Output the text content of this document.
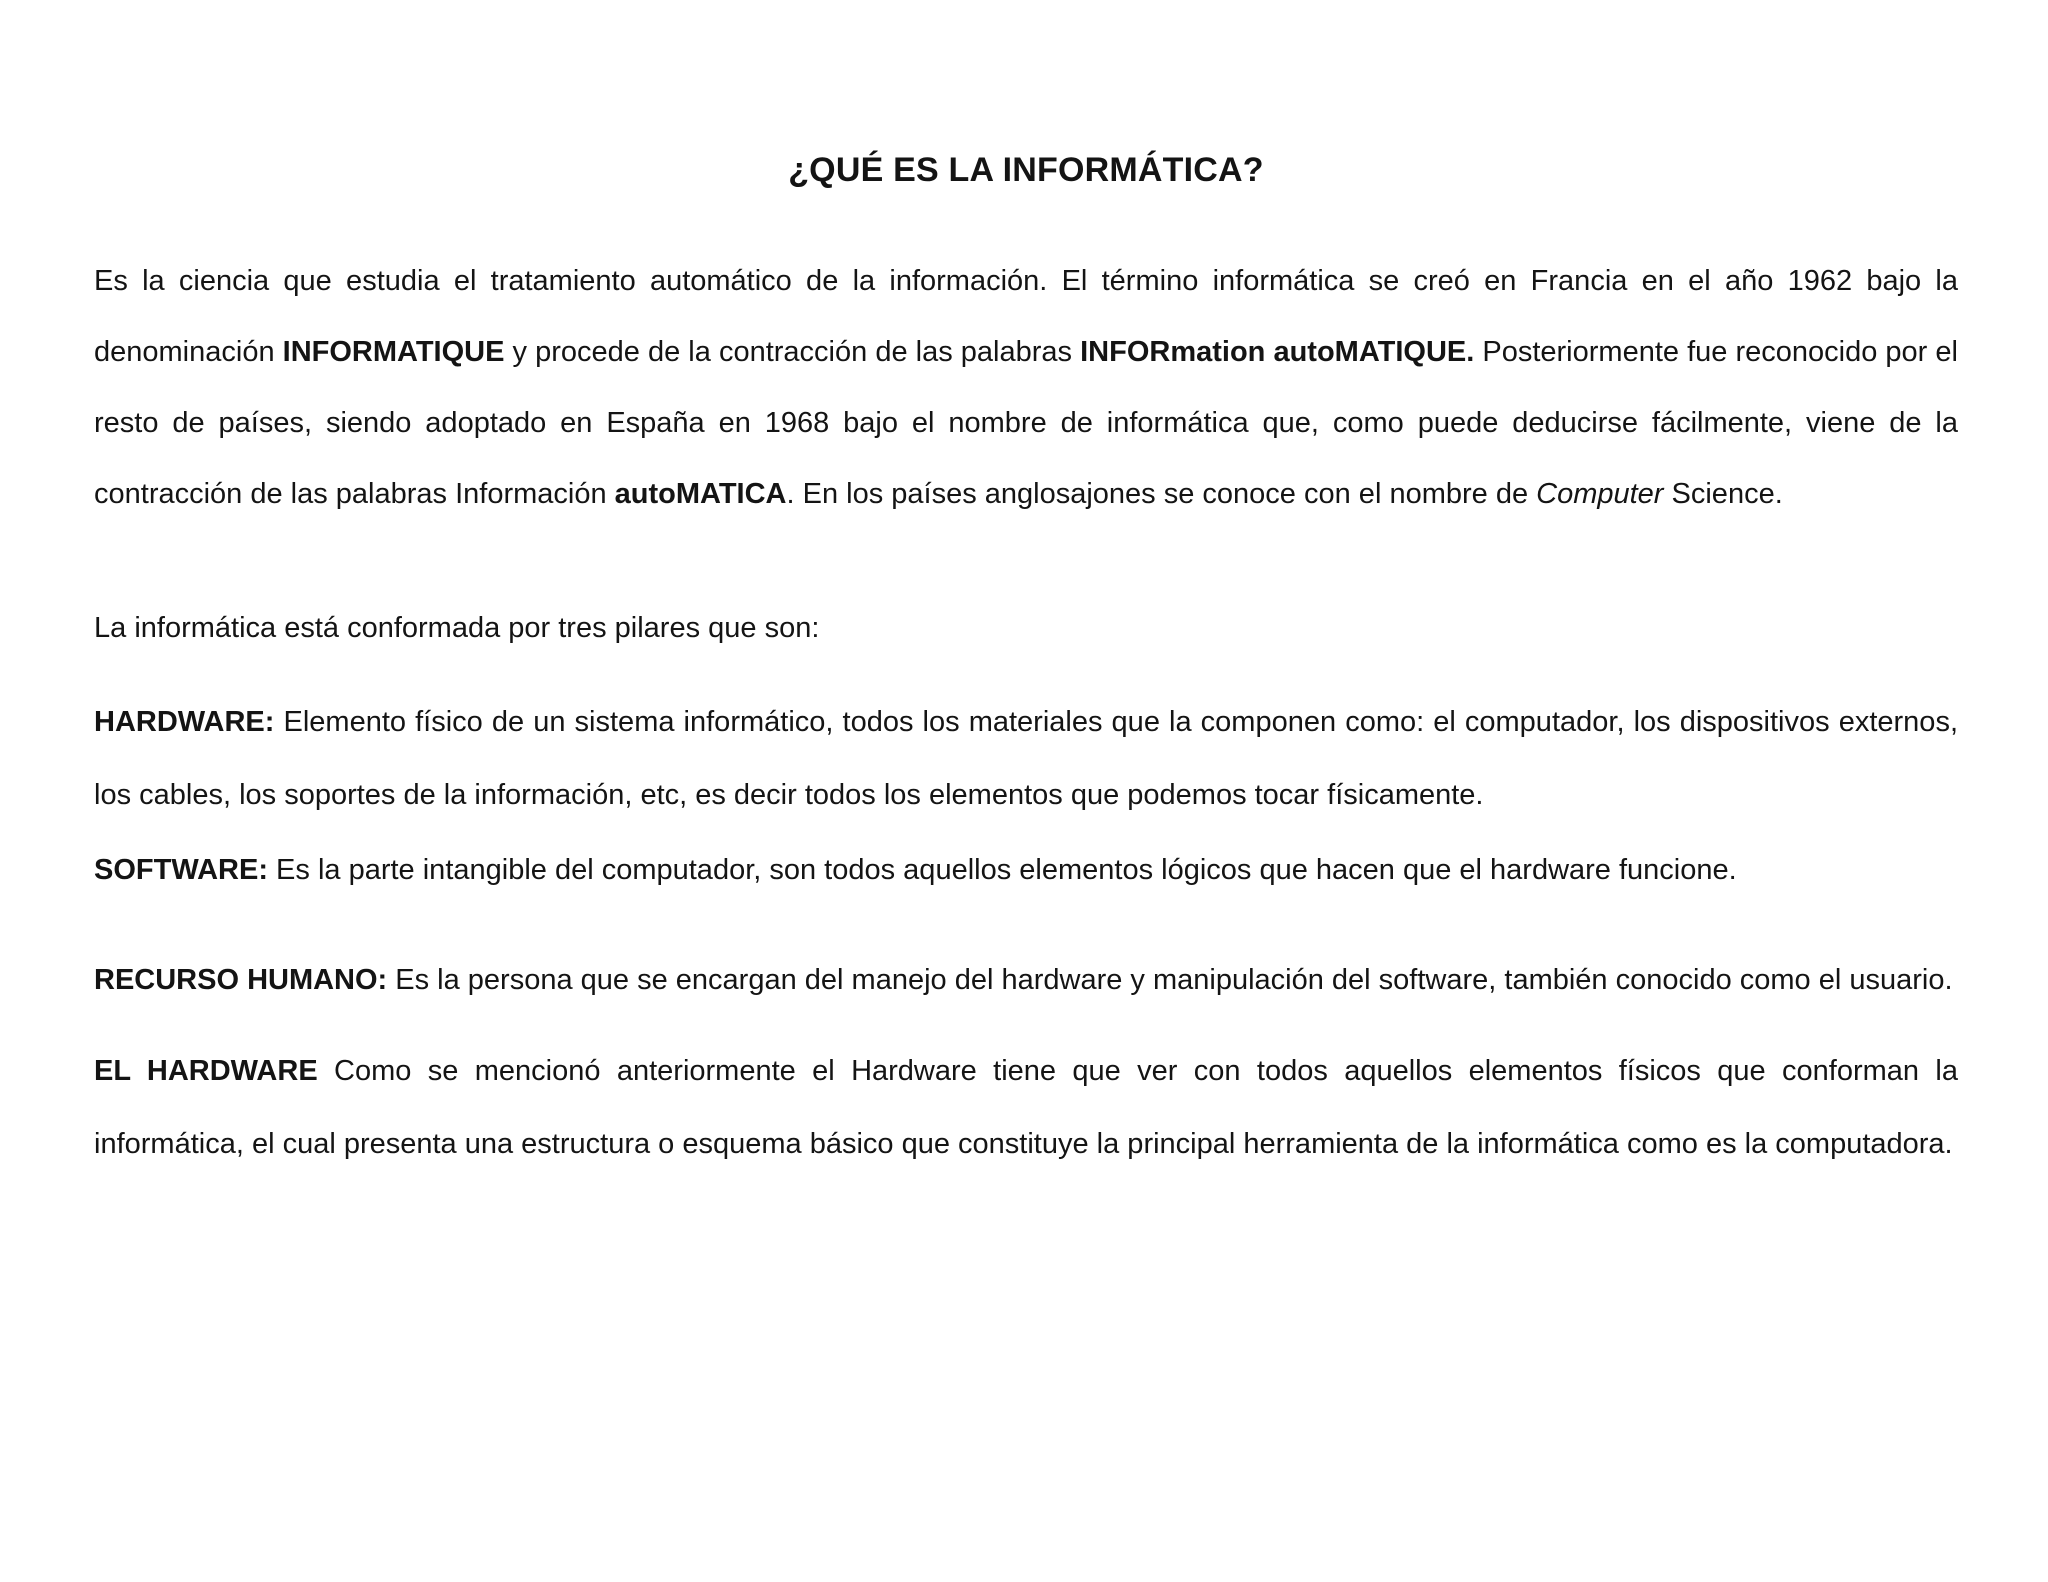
¿QUÉ ES LA INFORMÁTICA?

Es la ciencia que estudia el tratamiento automático de la información. El término informática se creó en Francia en el año 1962 bajo la denominación INFORMATIQUE y procede de la contracción de las palabras INFORmation autoMATIQUE. Posteriormente fue reconocido por el resto de países, siendo adoptado en España en 1968 bajo el nombre de informática que, como puede deducirse fácilmente, viene de la contracción de las palabras Información autoMATICA. En los países anglosajones se conoce con el nombre de Computer Science.

La informática está conformada por tres pilares que son:

HARDWARE: Elemento físico de un sistema informático, todos los materiales que la componen como: el computador, los dispositivos externos, los cables, los soportes de la información, etc, es decir todos los elementos que podemos tocar físicamente.

SOFTWARE: Es la parte intangible del computador, son todos aquellos elementos lógicos que hacen que el hardware funcione.

RECURSO HUMANO: Es la persona que se encargan del manejo del hardware y manipulación del software, también conocido como el usuario.

EL HARDWARE Como se mencionó anteriormente el Hardware tiene que ver con todos aquellos elementos físicos que conforman la informática, el cual presenta una estructura o esquema básico que constituye la principal herramienta de la informática como es la computadora.
